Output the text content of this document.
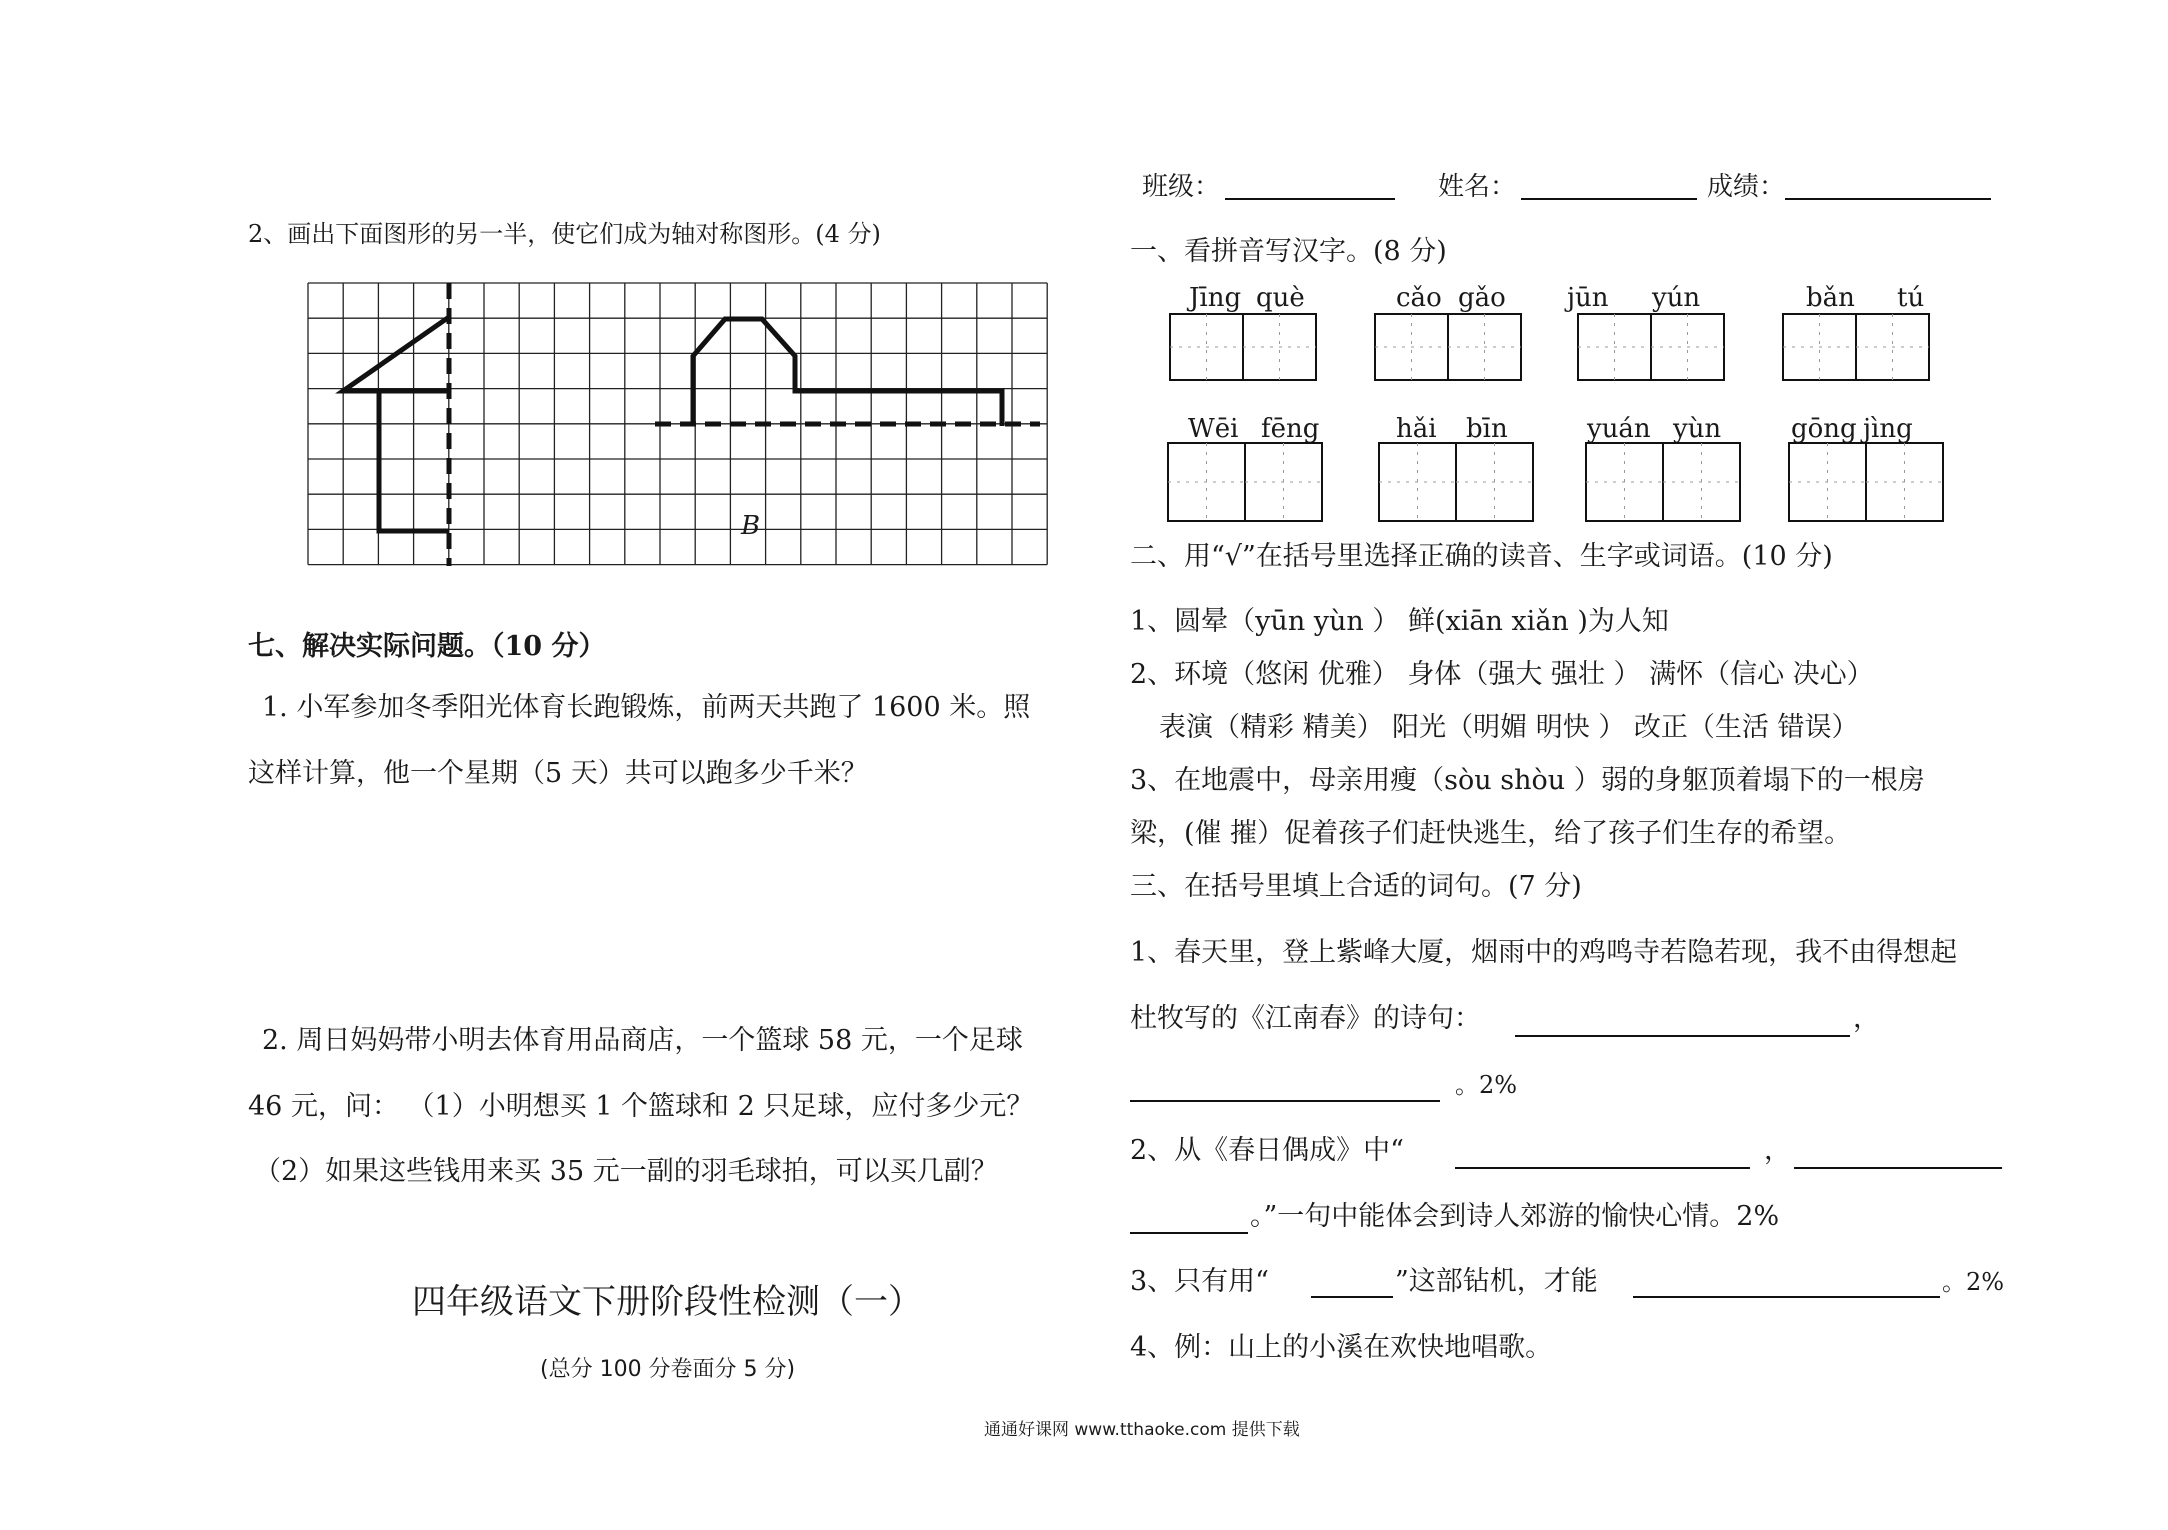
2、画出下面图形的另一半，使它们成为轴对称图形。(4 分)
B
七、解决实际问题。（10 分）
1. 小军参加冬季阳光体育长跑锻炼，前两天共跑了 1600 米。照
这样计算，他一个星期（5 天）共可以跑多少千米？
2. 周日妈妈带小明去体育用品商店，一个篮球 58 元，一个足球
46 元，问： （1）小明想买 1 个篮球和 2 只足球，应付多少元？
（2）如果这些钱用来买 35 元一副的羽毛球拍，可以买几副？
四年级语文下册阶段性检测（一）
(总分 100 分卷面分 5 分)
班级：	姓名：	成绩：
一、看拼音写汉字。(8 分)
Jīng què	cǎo gǎo jūn yún	bǎn tú
Wēi fēng	hǎi bīn	yuán yùn	gōng jìng
二、用“√”在括号里选择正确的读音、生字或词语。(10 分)
1、圆晕（yūn yùn ） 鲜(xiān xiǎn )为人知
2、环境（悠闲 优雅） 身体（强大 强壮 ） 满怀（信心 决心）
表演（精彩 精美） 阳光（明媚 明快 ） 改正（生活 错误）
3、在地震中，母亲用瘦（sòu shòu ）弱的身躯顶着塌下的一根房
梁，(催 摧）促着孩子们赶快逃生，给了孩子们生存的希望。
三、在括号里填上合适的词句。(7 分)
1、春天里，登上紫峰大厦，烟雨中的鸡鸣寺若隐若现，我不由得想起
杜牧写的《江南春》的诗句：	，
。2%
2、从《春日偶成》中“	，
。”一句中能体会到诗人郊游的愉快心情。2%
3、只有用“	”这部钻机，才能	。2%
4、例：山上的小溪在欢快地唱歌。
通通好课网 www.tthaoke.com 提供下载
